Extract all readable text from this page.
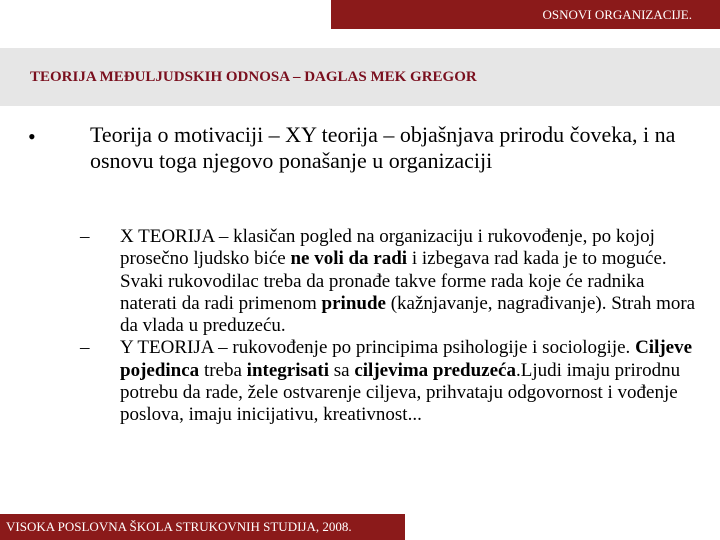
OSNOVI ORGANIZACIJE.
TEORIJA MEĐULJUDSKIH ODNOSA – DAGLAS MEK GREGOR
• Teorija o motivaciji – XY teorija – objašnjava prirodu čoveka, i na osnovu toga njegovo ponašanje u organizaciji
– X TEORIJA – klasičan pogled na organizaciju i rukovođenje, po kojoj prosečno ljudsko biće ne voli da radi i izbegava rad kada je to moguće. Svaki rukovodilac treba da pronađe takve forme rada koje će radnika naterati da radi primenom prinude (kažnjavanje, nagrađivanje). Strah mora da vlada u preduzeću.
– Y TEORIJA – rukovođenje po principima psihologije i sociologije. Ciljeve pojedinca treba integrisati sa ciljevima preduzeća.Ljudi imaju prirodnu potrebu da rade, žele ostvarenje ciljeva, prihvataju odgovornost i vođenje poslova, imaju inicijativu, kreativnost...
VISOKA POSLOVNA ŠKOLA STRUKOVNIH STUDIJA, 2008.
